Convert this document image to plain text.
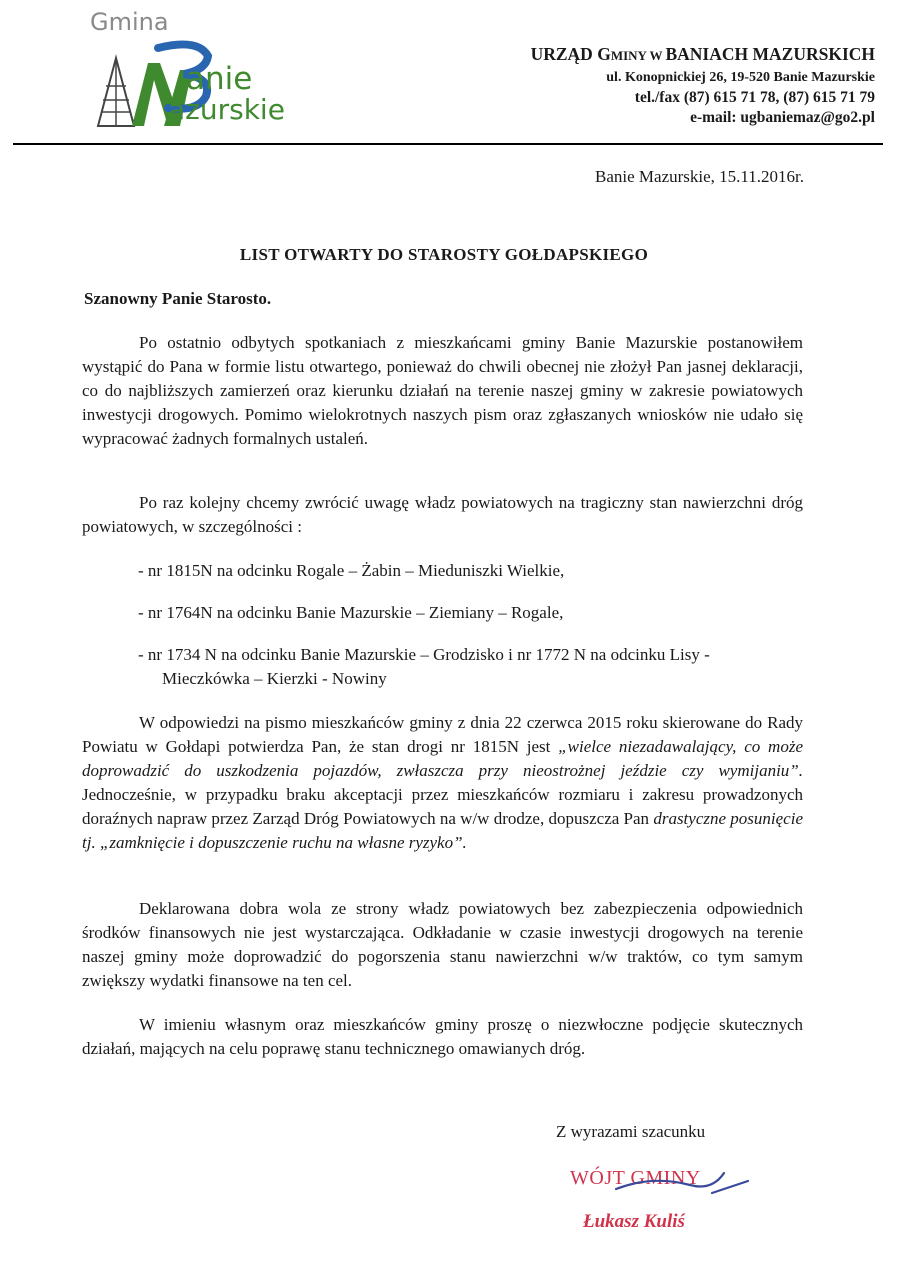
Gmina
anie
azurskie
URZĄD GMINY W BANIACH MAZURSKICH
ul. Konopnickiej 26, 19-520 Banie Mazurskie
tel./fax (87) 615 71 78, (87) 615 71 79
e-mail: ugbaniemaz@go2.pl
Banie Mazurskie, 15.11.2016r.
LIST OTWARTY DO STAROSTY GOŁDAPSKIEGO
Szanowny Panie Starosto.

Po ostatnio odbytych spotkaniach z mieszkańcami gminy Banie Mazurskie postanowiłem wystąpić do Pana w formie listu otwartego, ponieważ do chwili obecnej nie złożył Pan jasnej deklaracji, co do najbliższych zamierzeń oraz kierunku działań na terenie naszej gminy w zakresie powiatowych inwestycji drogowych. Pomimo wielokrotnych naszych pism oraz zgłaszanych wniosków nie udało się wypracować żadnych formalnych ustaleń.

Po raz kolejny chcemy zwrócić uwagę władz powiatowych na tragiczny stan nawierzchni dróg powiatowych, w szczególności :

- nr 1815N na odcinku Rogale – Żabin – Mieduniszki Wielkie,

- nr 1764N na odcinku Banie Mazurskie – Ziemiany – Rogale,

- nr 1734 N na odcinku Banie Mazurskie – Grodzisko i nr 1772 N na odcinku Lisy -
Mieczkówka – Kierzki - Nowiny

W odpowiedzi na pismo mieszkańców gminy z dnia 22 czerwca 2015 roku skierowane do Rady Powiatu w Gołdapi potwierdza Pan, że stan drogi nr 1815N jest „wielce niezadawalający, co może doprowadzić do uszkodzenia pojazdów, zwłaszcza przy nieostrożnej jeździe czy wymijaniu”. Jednocześnie, w przypadku braku akceptacji przez mieszkańców rozmiaru i zakresu prowadzonych doraźnych napraw przez Zarząd Dróg Powiatowych na w/w drodze, dopuszcza Pan drastyczne posunięcie tj. „zamknięcie i dopuszczenie ruchu na własne ryzyko”.

Deklarowana dobra wola ze strony władz powiatowych bez zabezpieczenia odpowiednich środków finansowych nie jest wystarczająca. Odkładanie w czasie inwestycji drogowych na terenie naszej gminy może doprowadzić do pogorszenia stanu nawierzchni w/w traktów, co tym samym zwiększy wydatki finansowe na ten cel.

W imieniu własnym oraz mieszkańców gminy proszę o niezwłoczne podjęcie skutecznych działań, mających na celu poprawę stanu technicznego omawianych dróg.

Z wyrazami szacunku
WÓJT GMINY
Łukasz Kuliś
